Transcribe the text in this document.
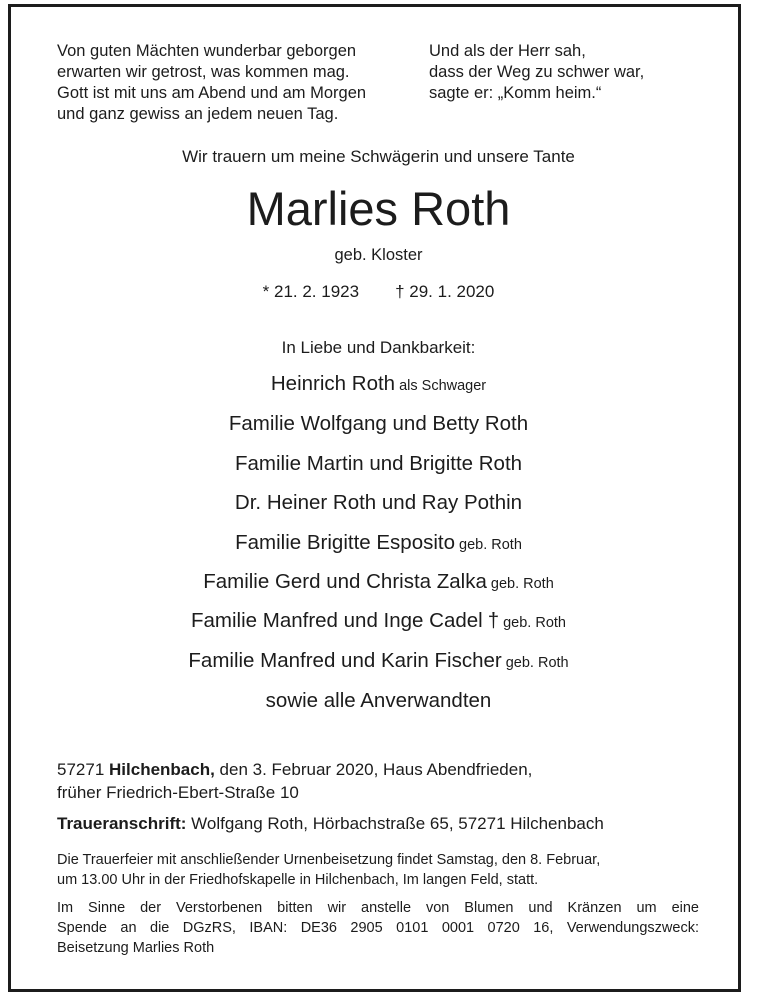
Von guten Mächten wunderbar geborgen
erwarten wir getrost, was kommen mag.
Gott ist mit uns am Abend und am Morgen
und ganz gewiss an jedem neuen Tag.
Und als der Herr sah,
dass der Weg zu schwer war,
sagte er: „Komm heim.“
Wir trauern um meine Schwägerin und unsere Tante
Marlies Roth
geb. Kloster
* 21. 2. 1923 † 29. 1. 2020
In Liebe und Dankbarkeit:
Heinrich Roth als Schwager
Familie Wolfgang und Betty Roth
Familie Martin und Brigitte Roth
Dr. Heiner Roth und Ray Pothin
Familie Brigitte Esposito geb. Roth
Familie Gerd und Christa Zalka geb. Roth
Familie Manfred und Inge Cadel † geb. Roth
Familie Manfred und Karin Fischer geb. Roth
sowie alle Anverwandten
57271 Hilchenbach, den 3. Februar 2020, Haus Abendfrieden,
früher Friedrich-Ebert-Straße 10
Traueranschrift: Wolfgang Roth, Hörbachstraße 65, 57271 Hilchenbach
Die Trauerfeier mit anschließender Urnenbeisetzung findet Samstag, den 8. Februar,
um 13.00 Uhr in der Friedhofskapelle in Hilchenbach, Im langen Feld, statt.
Im Sinne der Verstorbenen bitten wir anstelle von Blumen und Kränzen um eine
Spende an die DGzRS, IBAN: DE36 2905 0101 0001 0720 16, Verwendungszweck:
Beisetzung Marlies Roth
